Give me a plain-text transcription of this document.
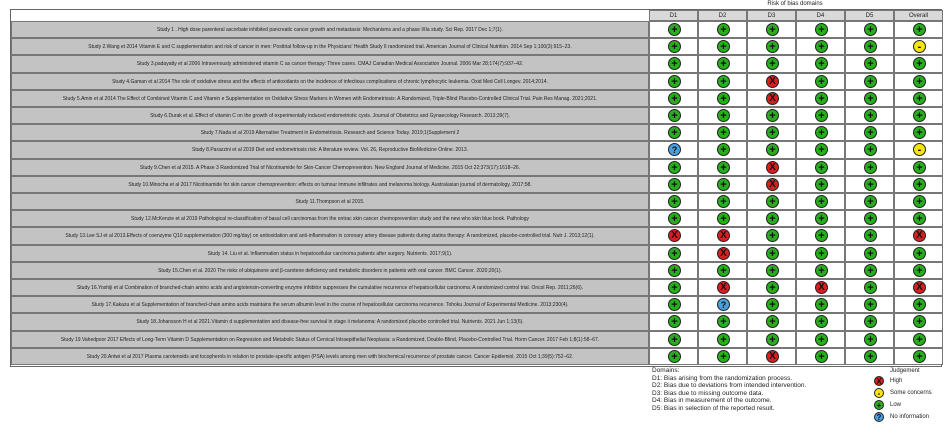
Risk of bias domains
D1	D2	D3	D4	D5	Overall
Study 1 . High dose parenteral ascorbate inhibited pancreatic cancer growth and metastasis: Mechanisms and a phase I/IIa study. Sci Rep. 2017 Dec 1;7(1).	+	+	+	+	+	+
Study 2.Wang et 2014 Vitamin E and C supplementation and risk of cancer in men: Posttrial follow-up in the Physicians' Health Study II randomized trial. American Journal of Clinical Nutrition. 2014 Sep 1;100(3):915–23.	+	+	+	+	+	-
Study 3.padayatty et al 2006 Intravenously administered vitamin C as cancer therapy: Three cases. CMAJ Canadian Medical Association Journal. 2006 Mar 28;174(7):937–42.	+	+	+	+	+	+
Study 4.Gaman et al 2014 The role of oxidative stress and the effects of antioxidants on the incidence of infectious complications of chronic lymphocytic leukemia. Oxid Med Cell Longev. 2014;2014.	+	+	X	+	+	+
Study 5.Amin et al 2014 The Effect of Combined Vitamin C and Vitamin e Supplementation on Oxidative Stress Markers in Women with Endometriosis: A Randomized, Triple-Blind Placebo-Controlled Clinical Trial. Pain Res Manag. 2021;2021.	+	+	X	+	+	+
Study 6.Durak et al. Effect of vitamin C on the growth of experimentally induced endometriotic cysts. Journal of Obstetrics and Gynaecology Research. 2013;39(7).	+	+	+	+	+	+
Study 7.Nada et al 2019 Alternative Treatment in Endometriosis. Research and Science Today. 2019;1(Supplement 2	+	+	+	+	+	+
Study 8.Parazzini et al 2019 Diet and endometriosis risk: A literature review. Vol. 26, Reproductive BioMedicine Online. 2013.	?	+	+	+	+	-
Study 9.Chen et al 2015. A Phase 3 Randomized Trial of Nicotinamide for Skin-Cancer Chemoprevention. New England Journal of Medicine. 2015 Oct 22;373(17):1618–26.	+	+	X	+	+	+
Study 10.Minocha et al 2017 Nicotinamide for skin cancer chemoprevention: effects on tumour immune infiltrates and melanoma biology. Australasian journal of dermatology. 2017;58.	+	+	X	+	+	+
Study 11.Thompson et al 2015.	+	+	+	+	+	+
Study 12.McKenzie et al 2019 Pathological re-classification of basal cell carcinomas from the ontrac skin cancer chemoprevention study and the new who skin blue book. Pathology	+	+	+	+	+	+
Study 13.Lee SJ et al 2013.Effects of coenzyme Q10 supplementation (300 mg/day) on antioxidation and anti-inflammation in coronary artery disease patients during statins therapy: A randomized, placebo-controlled trial. Nutr J. 2013;12(1).	X	X	+	+	+	X
Study 14. Liu et al. Inflammation status in hepatocellular carcinoma patients after surgery. Nutrients. 2017;9(1).	+	X	+	+	+	+
Study 15.Chen et al. 2020 The risks of ubiquinone and β-carotene deficiency and metabolic disorders in patients with oral cancer. BMC Cancer. 2020;20(1).	+	+	+	+	+	+
Study 16.Yoshiji et al Combination of branched-chain amino acids and angiotensin-converting enzyme inhibitor suppresses the cumulative recurrence of hepatocellular carcinoma: A randomized control trial. Oncol Rep. 2011;26(6).	+	X	+	X	+	X
Study 17.Kakazu et al Supplementation of branched-chain amino acids maintains the serum albumin level in the course of hepatocellular carcinoma recurrence. Tohoku Journal of Experimental Medicine. 2013;230(4).	+	?	+	+	+	+
Study 18.Johansson H et al 2021.Vitamin d supplementation and disease-free survival in stage ii melanoma: A randomized placebo controlled trial. Nutrients. 2021 Jun 1;13(6).	+	+	+	+	+	+
Study 19.Vahedpoor 2017 Effects of Long-Term Vitamin D Supplementation on Regression and Metabolic Status of Cervical Intraepithelial Neoplasia: a Randomized, Double-Blind, Placebo-Controlled Trial. Horm Cancer. 2017 Feb 1;8(1):58–67.	+	+	+	+	+	+
Study 20.Antwi et al 2017 Plasma carotenoids and tocopherols in relation to prostate-specific antigen (PSA) levels among men with biochemical recurrence of prostate cancer. Cancer Epidemiol. 2015 Oct 1;39(5):752–62.	+	+	X	+	+	+
Domains:
D1: Bias arising from the randomization process.
D2: Bias due to deviations from intended intervention.
D3: Bias due to missing outcome data.
D4: Bias in measurement of the outcome.
D5: Bias in selection of the reported result.
Judgement
X	High
-	Some concerns
+	Low
?	No information
